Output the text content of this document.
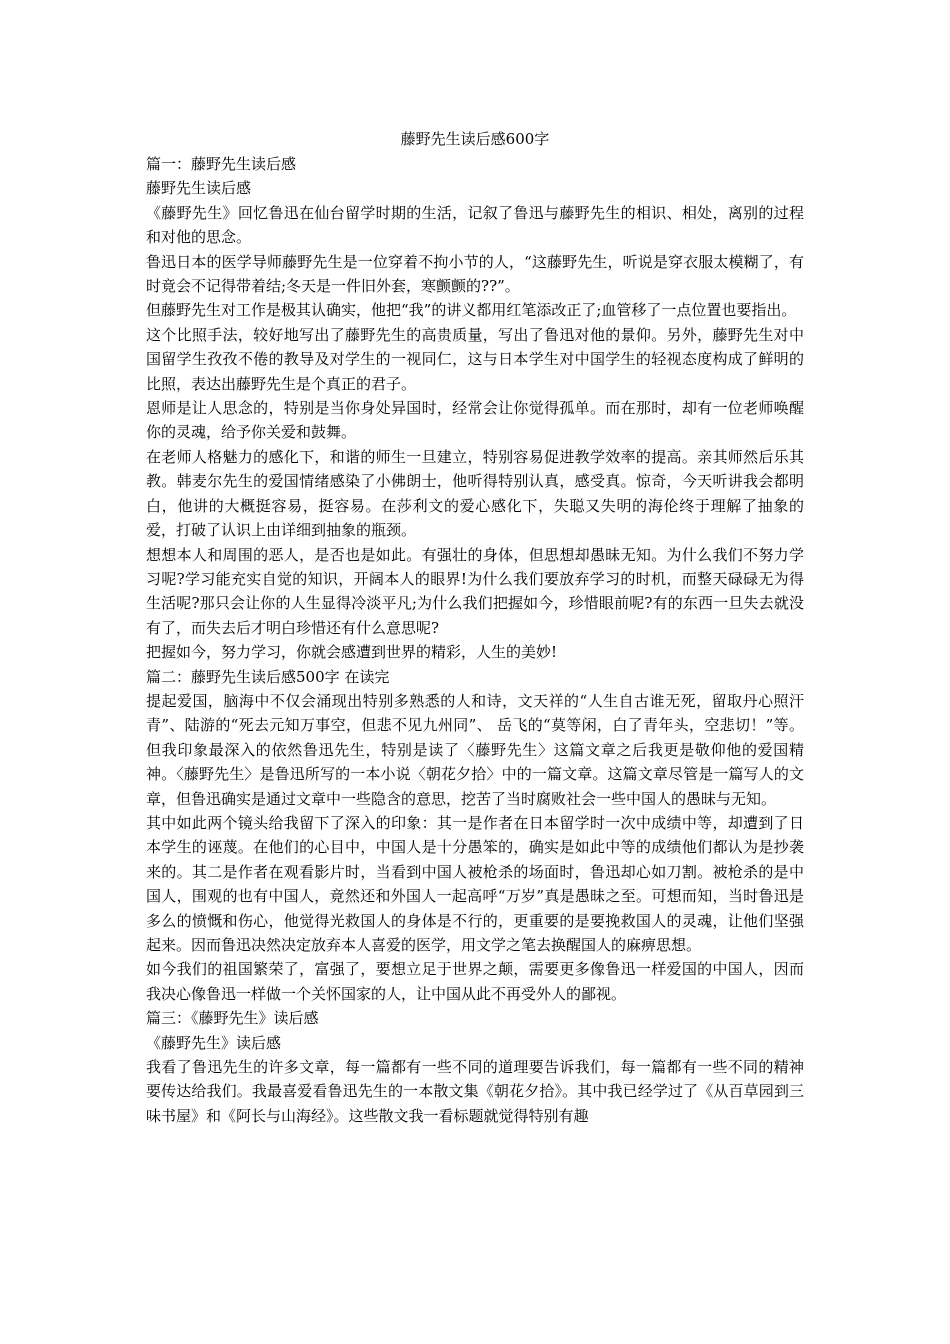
藤野先生读后感600字

篇一：藤野先生读后感

藤野先生读后感

《藤野先生》回忆鲁迅在仙台留学时期的生活，记叙了鲁迅与藤野先生的相识、相处，离别的过程和对他的思念。

鲁迅日本的医学导师藤野先生是一位穿着不拘小节的人，“这藤野先生，听说是穿衣服太模糊了，有时竟会不记得带着结;冬天是一件旧外套，寒颤颤的??”。

但藤野先生对工作是极其认确实，他把“我”的讲义都用红笔添改正了;血管移了一点位置也要指出。

这个比照手法，较好地写出了藤野先生的高贵质量，写出了鲁迅对他的景仰。另外，藤野先生对中国留学生孜孜不倦的教导及对学生的一视同仁，这与日本学生对中国学生的轻视态度构成了鲜明的比照，表达出藤野先生是个真正的君子。

恩师是让人思念的，特别是当你身处异国时，经常会让你觉得孤单。而在那时，却有一位老师唤醒你的灵魂，给予你关爱和鼓舞。

在老师人格魅力的感化下，和谐的师生一旦建立，特别容易促进教学效率的提高。亲其师然后乐其教。韩麦尔先生的爱国情绪感染了小佛朗士，他听得特别认真，感受真。惊奇，今天听讲我会都明白，他讲的大概挺容易，挺容易。在莎利文的爱心感化下，失聪又失明的海伦终于理解了抽象的爱，打破了认识上由详细到抽象的瓶颈。

想想本人和周围的恶人，是否也是如此。有强壮的身体，但思想却愚昧无知。为什么我们不努力学习呢?学习能充实自觉的知识，开阔本人的眼界!为什么我们要放弃学习的时机，而整天碌碌无为得生活呢?那只会让你的人生显得冷淡平凡;为什么我们把握如今，珍惜眼前呢?有的东西一旦失去就没有了，而失去后才明白珍惜还有什么意思呢?

把握如今，努力学习，你就会感遭到世界的精彩，人生的美妙!

篇二：藤野先生读后感500字 在读完

提起爱国，脑海中不仅会涌现出特别多熟悉的人和诗，文天祥的“人生自古谁无死，留取丹心照汗青”、陆游的“死去元知万事空，但悲不见九州同”、 岳飞的“莫等闲，白了青年头，空悲切！”等。但我印象最深入的依然鲁迅先生，特别是读了〈藤野先生〉这篇文章之后我更是敬仰他的爱国精神。〈藤野先生〉是鲁迅所写的一本小说〈朝花夕拾〉中的一篇文章。这篇文章尽管是一篇写人的文章，但鲁迅确实是通过文章中一些隐含的意思，挖苦了当时腐败社会一些中国人的愚昧与无知。

其中如此两个镜头给我留下了深入的印象：其一是作者在日本留学时一次中成绩中等，却遭到了日本学生的诬蔑。在他们的心目中，中国人是十分愚笨的，确实是如此中等的成绩他们都认为是抄袭来的。其二是作者在观看影片时，当看到中国人被枪杀的场面时，鲁迅却心如刀割。被枪杀的是中国人，围观的也有中国人，竟然还和外国人一起高呼“万岁”真是愚昧之至。可想而知，当时鲁迅是多么的愤慨和伤心，他觉得光救国人的身体是不行的，更重要的是要挽救国人的灵魂，让他们坚强起来。因而鲁迅决然决定放弃本人喜爱的医学，用文学之笔去换醒国人的麻痹思想。

如今我们的祖国繁荣了，富强了，要想立足于世界之颠，需要更多像鲁迅一样爱国的中国人，因而我决心像鲁迅一样做一个关怀国家的人，让中国从此不再受外人的鄙视。

篇三：《藤野先生》读后感

《藤野先生》读后感

我看了鲁迅先生的许多文章，每一篇都有一些不同的道理要告诉我们，每一篇都有一些不同的精神要传达给我们。我最喜爱看鲁迅先生的一本散文集《朝花夕拾》。其中我已经学过了《从百草园到三味书屋》和《阿长与山海经》。这些散文我一看标题就觉得特别有趣
